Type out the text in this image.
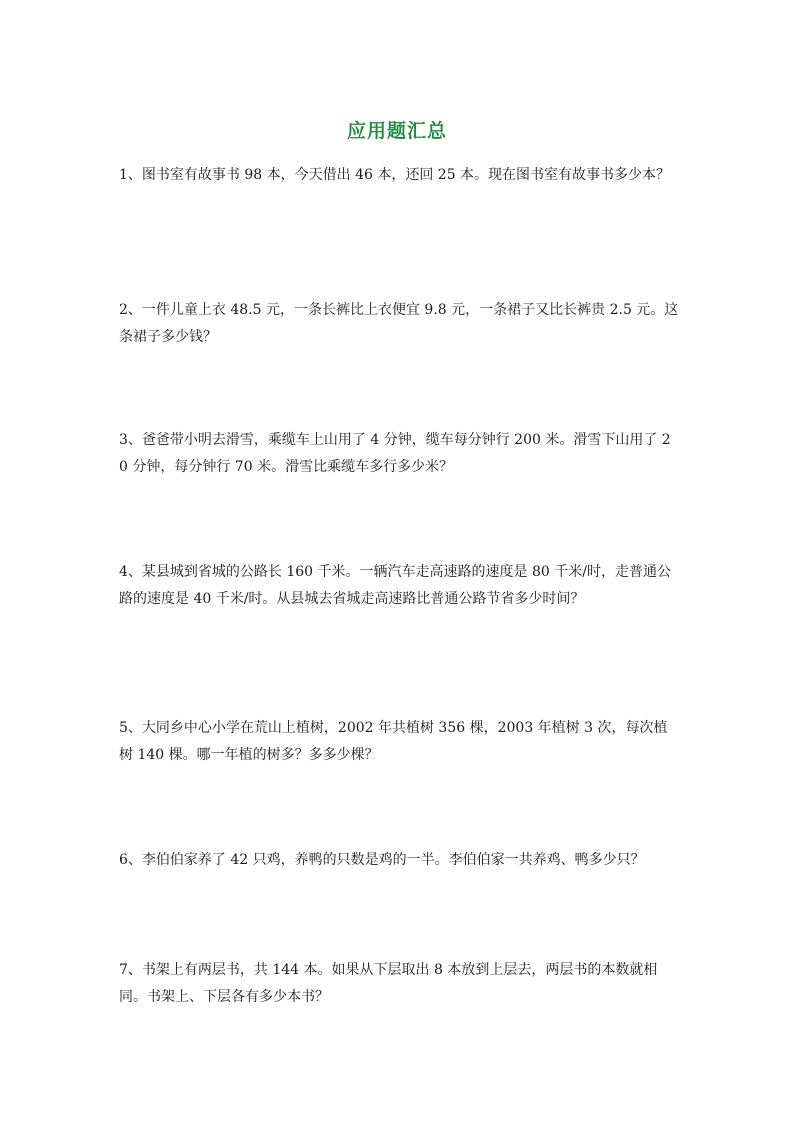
应用题汇总

1、图书室有故事书 98 本，今天借出 46 本，还回 25 本。现在图书室有故事书多少本？

2、一件儿童上衣 48.5 元，一条长裤比上衣便宜 9.8 元，一条裙子又比长裤贵 2.5 元。这条裙子多少钱？

3、爸爸带小明去滑雪，乘缆车上山用了 4 分钟，缆车每分钟行 200 米。滑雪下山用了 20 分钟，每分钟行 70 米。滑雪比乘缆车多行多少米？

4、某县城到省城的公路长 160 千米。一辆汽车走高速路的速度是 80 千米/时，走普通公路的速度是 40 千米/时。从县城去省城走高速路比普通公路节省多少时间？

5、大同乡中心小学在荒山上植树，2002 年共植树 356 棵，2003 年植树 3 次，每次植树 140 棵。哪一年植的树多？多多少棵？

6、李伯伯家养了 42 只鸡，养鸭的只数是鸡的一半。李伯伯家一共养鸡、鸭多少只？

7、书架上有两层书，共 144 本。如果从下层取出 8 本放到上层去，两层书的本数就相同。书架上、下层各有多少本书？
